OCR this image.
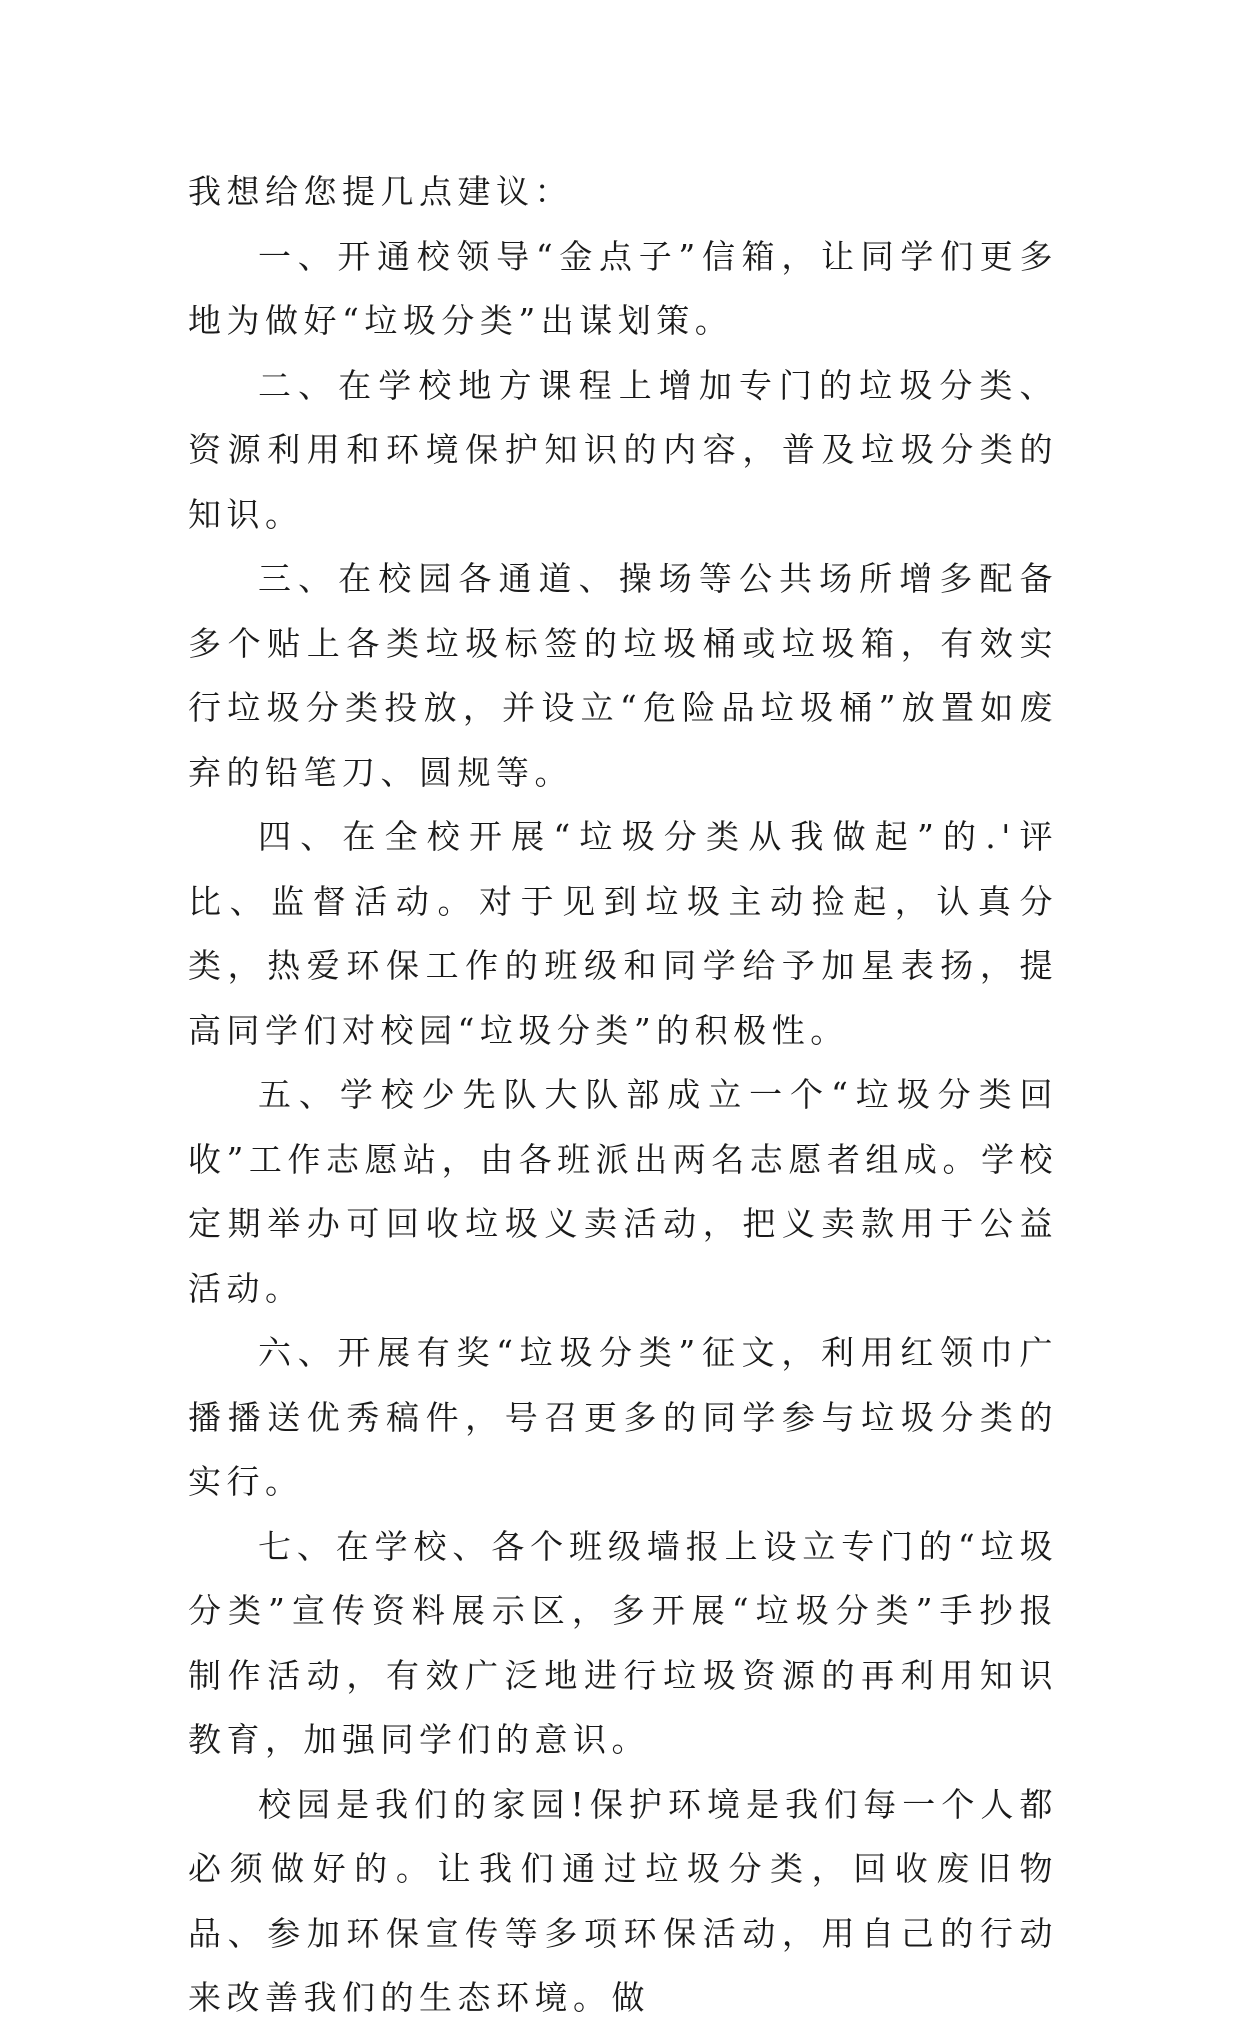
我想给您提几点建议：

一、开通校领导“金点子”信箱，让同学们更多地为做好“垃圾分类”出谋划策。

二、在学校地方课程上增加专门的垃圾分类、资源利用和环境保护知识的内容，普及垃圾分类的知识。

三、在校园各通道、操场等公共场所增多配备多个贴上各类垃圾标签的垃圾桶或垃圾箱，有效实行垃圾分类投放，并设立“危险品垃圾桶”放置如废弃的铅笔刀、圆规等。

四、在全校开展“垃圾分类从我做起”的.'评比、监督活动。对于见到垃圾主动捡起，认真分类，热爱环保工作的班级和同学给予加星表扬，提高同学们对校园“垃圾分类”的积极性。

五、学校少先队大队部成立一个“垃圾分类回收”工作志愿站，由各班派出两名志愿者组成。学校定期举办可回收垃圾义卖活动，把义卖款用于公益活动。

六、开展有奖“垃圾分类”征文，利用红领巾广播播送优秀稿件，号召更多的同学参与垃圾分类的实行。

七、在学校、各个班级墙报上设立专门的“垃圾分类”宣传资料展示区，多开展“垃圾分类”手抄报制作活动，有效广泛地进行垃圾资源的再利用知识教育，加强同学们的意识。

校园是我们的家园!保护环境是我们每一个人都必须做好的。让我们通过垃圾分类，回收废旧物品、参加环保宣传等多项环保活动，用自己的行动来改善我们的生态环境。做
